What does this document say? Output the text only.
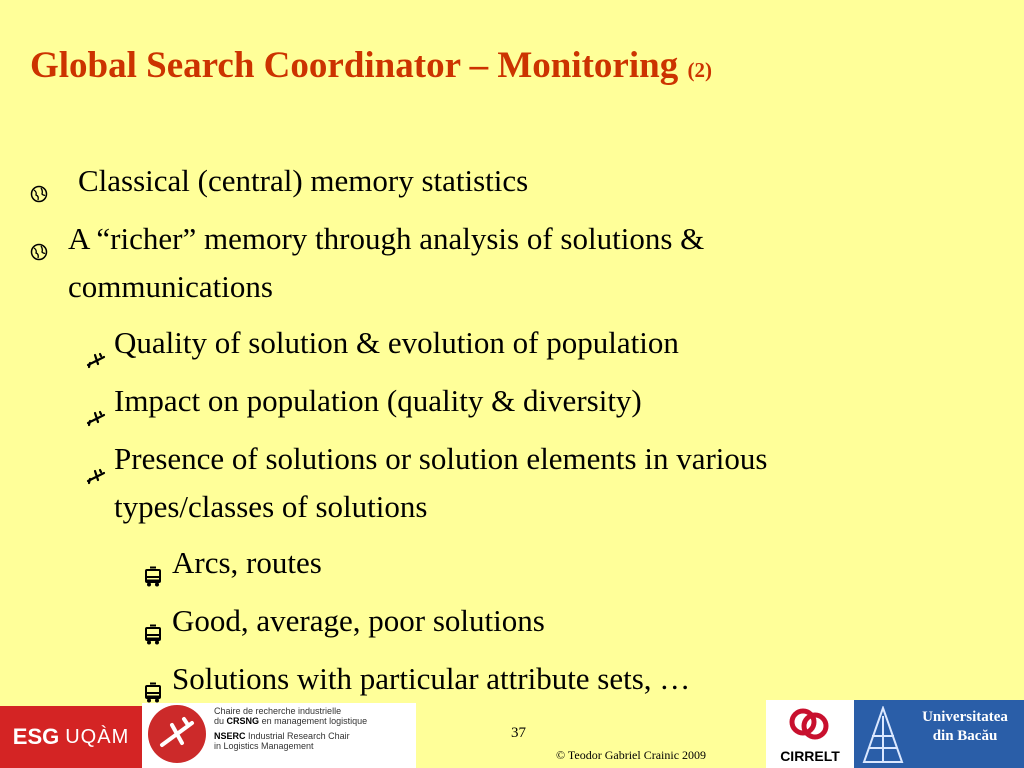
Global Search Coordinator – Monitoring (2)
Classical (central) memory statistics
A “richer” memory through analysis of solutions &
communications
Quality of solution & evolution of population
Impact on population (quality & diversity)
Presence of solutions or solution elements in various
types/classes of solutions
Arcs, routes
Good, average, poor solutions
Solutions with particular attribute sets, …
ESG UQÀM
Chaire de recherche industrielle
du CRSNG en management logistique
NSERC Industrial Research Chair
in Logistics Management
37
© Teodor Gabriel Crainic 2009	CIRRELT
Universitatea
din Bacău
